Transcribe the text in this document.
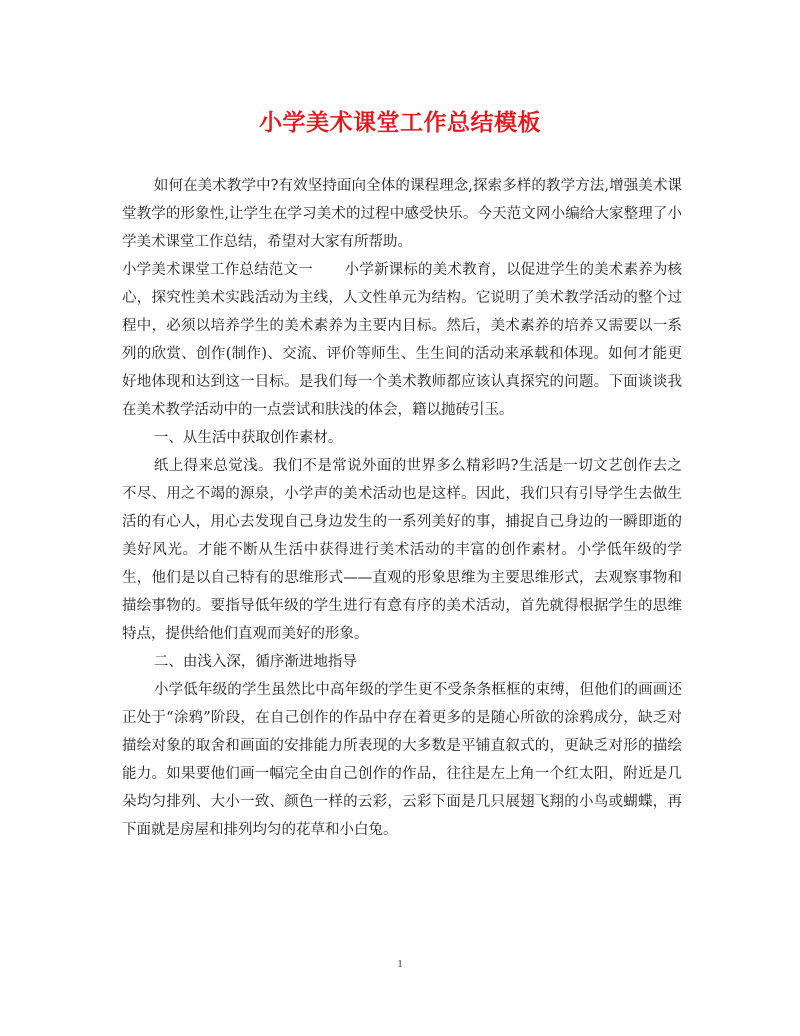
小学美术课堂工作总结模板

如何在美术教学中?有效坚持面向全体的课程理念,探索多样的教学方法,增强美术课堂教学的形象性,让学生在学习美术的过程中感受快乐。今天范文网小编给大家整理了小学美术课堂工作总结，希望对大家有所帮助。

小学美术课堂工作总结范文一 小学新课标的美术教育，以促进学生的美术素养为核心，探究性美术实践活动为主线，人文性单元为结构。它说明了美术教学活动的整个过程中，必须以培养学生的美术素养为主要内目标。然后，美术素养的培养又需要以一系列的欣赏、创作(制作)、交流、评价等师生、生生间的活动来承载和体现。如何才能更好地体现和达到这一目标。是我们每一个美术教师都应该认真探究的问题。下面谈谈我在美术教学活动中的一点尝试和肤浅的体会，籍以抛砖引玉。

一、从生活中获取创作素材。

纸上得来总觉浅。我们不是常说外面的世界多么精彩吗?生活是一切文艺创作去之不尽、用之不竭的源泉，小学声的美术活动也是这样。因此，我们只有引导学生去做生活的有心人，用心去发现自己身边发生的一系列美好的事，捕捉自己身边的一瞬即逝的美好风光。才能不断从生活中获得进行美术活动的丰富的创作素材。小学低年级的学生，他们是以自己特有的思维形式——直观的形象思维为主要思维形式，去观察事物和描绘事物的。要指导低年级的学生进行有意有序的美术活动，首先就得根据学生的思维特点，提供给他们直观而美好的形象。

二、由浅入深，循序渐进地指导

小学低年级的学生虽然比中高年级的学生更不受条条框框的束缚，但他们的画画还正处于“涂鸦”阶段，在自己创作的作品中存在着更多的是随心所欲的涂鸦成分，缺乏对描绘对象的取舍和画面的安排能力所表现的大多数是平铺直叙式的，更缺乏对形的描绘能力。如果要他们画一幅完全由自己创作的作品，往往是左上角一个红太阳，附近是几朵均匀排列、大小一致、颜色一样的云彩，云彩下面是几只展翅飞翔的小鸟或蝴蝶，再下面就是房屋和排列均匀的花草和小白兔。

1
